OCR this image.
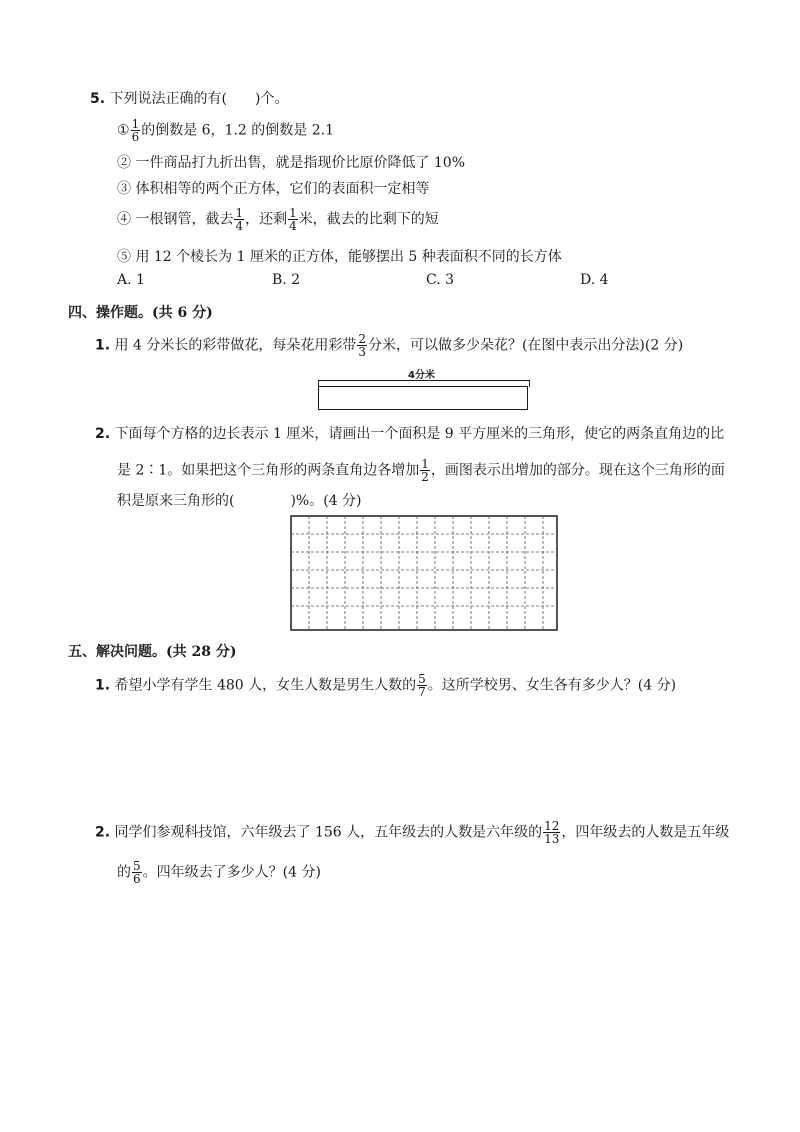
5. 下列说法正确的有(　　)个。
① $\frac{1}{6}$ 的倒数是 6，1.2 的倒数是 2.1
② 一件商品打九折出售，就是指现价比原价降低了 10%
③ 体积相等的两个正方体，它们的表面积一定相等
④ 一根钢管，截去 $\frac{1}{4}$ ，还剩 $\frac{1}{4}$ 米，截去的比剩下的短
⑤ 用 12 个棱长为 1 厘米的正方体，能够摆出 5 种表面积不同的长方体
A. 1	B. 2	C. 3	D. 4
四、操作题。(共 6 分)
1. 用 4 分米长的彩带做花，每朵花用彩带 $\frac{2}{3}$ 分米，可以做多少朵花？(在图中表示出分法)(2 分)
4分米
2. 下面每个方格的边长表示 1 厘米，请画出一个面积是 9 平方厘米的三角形，使它的两条直角边的比
是 2∶1。如果把这个三角形的两条直角边各增加 $\frac{1}{2}$ ，画图表示出增加的部分。现在这个三角形的面
积是原来三角形的(　　　　)%。(4 分)
五、解决问题。(共 28 分)
1. 希望小学有学生 480 人，女生人数是男生人数的 $\frac{5}{7}$ 。这所学校男、女生各有多少人？(4 分)
2. 同学们参观科技馆，六年级去了 156 人，五年级去的人数是六年级的 $\frac{12}{13}$ ，四年级去的人数是五年级
的 $\frac{5}{6}$ 。四年级去了多少人？(4 分)
